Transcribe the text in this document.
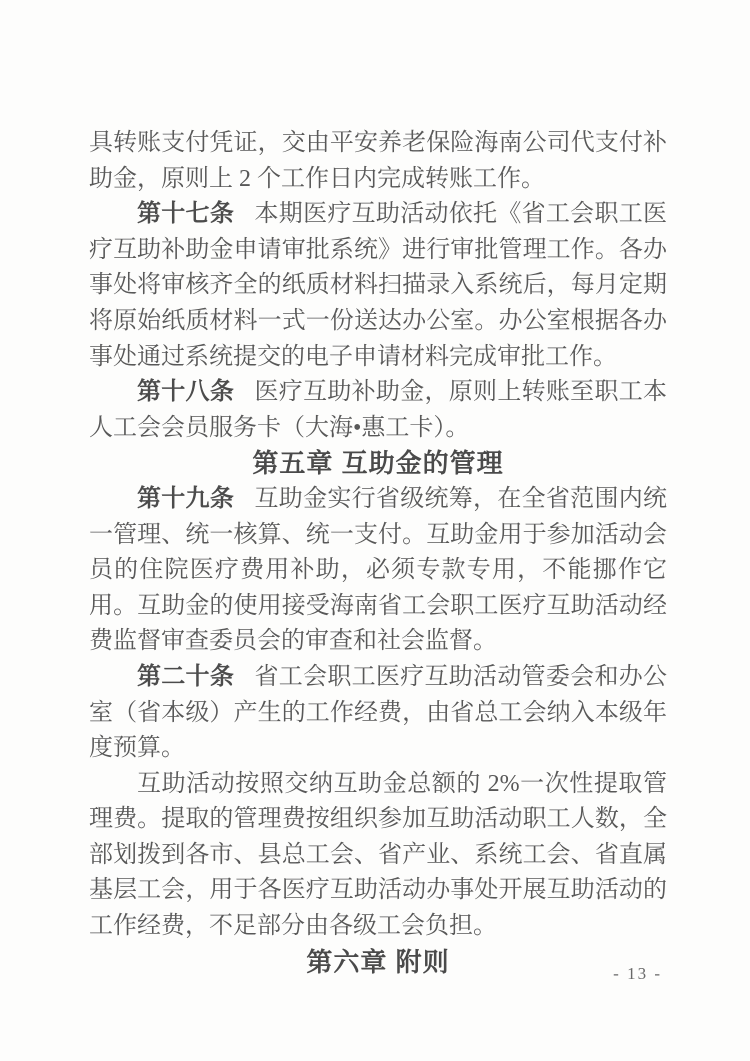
具转账支付凭证，交由平安养老保险海南公司代支付补助金，原则上 2 个工作日内完成转账工作。

第十七条 本期医疗互助活动依托《省工会职工医疗互助补助金申请审批系统》进行审批管理工作。各办事处将审核齐全的纸质材料扫描录入系统后，每月定期将原始纸质材料一式一份送达办公室。办公室根据各办事处通过系统提交的电子申请材料完成审批工作。

第十八条 医疗互助补助金，原则上转账至职工本人工会会员服务卡（大海•惠工卡）。

第五章 互助金的管理

第十九条 互助金实行省级统筹，在全省范围内统一管理、统一核算、统一支付。互助金用于参加活动会员的住院医疗费用补助，必须专款专用，不能挪作它用。互助金的使用接受海南省工会职工医疗互助活动经费监督审查委员会的审查和社会监督。

第二十条 省工会职工医疗互助活动管委会和办公室（省本级）产生的工作经费，由省总工会纳入本级年度预算。

互助活动按照交纳互助金总额的 2%一次性提取管理费。提取的管理费按组织参加互助活动职工人数，全部划拨到各市、县总工会、省产业、系统工会、省直属基层工会，用于各医疗互助活动办事处开展互助活动的工作经费，不足部分由各级工会负担。

第六章 附则	- 13 -
